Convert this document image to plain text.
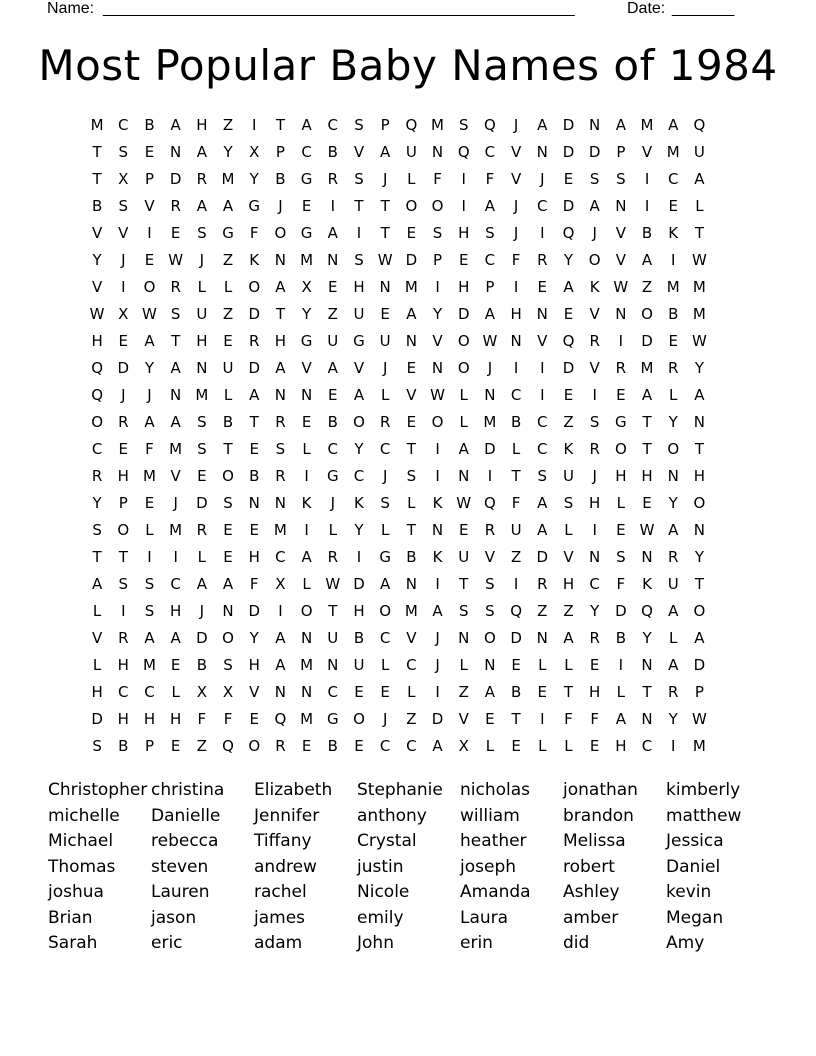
Name: _____________________________________________________	Date: _______
Most Popular Baby Names of 1984
M C	B	A	H	Z	I	T	A	C	S	P	Q M S	Q	J	A	D N	A M A	Q
T	S	E	N	A	Y	X	P	C	B	V	A	U	N Q	C	V	N D D	P	V M U
T	X	P	D	R M	Y	B	G	R	S	J	L	F	I	F	V	J	E	S	S	I	C	A
B	S	V	R	A	A	G	J	E	I	T	T	O O	I	A	J	C	D	A	N	I	E	L
V	V	I	E	S	G	F	O G	A	I	T	E	S	H	S	J	I	Q	J	V	B	K	T
Y	J	E W	J	Z	K	N M N	S W D	P	E	C	F	R	Y	O	V	A	I	W
V	I	O	R	L	L	O	A	X	E	H N M	I	H	P	I	E	A	K W Z M M
W X W S	U	Z	D	T	Y	Z	U	E	A	Y	D	A	H N	E	V	N O	B M
H	E	A	T	H	E	R	H G U G U	N	V	O W N	V	Q	R	I	D	E W
Q D	Y	A	N	U D	A	V	A	V	J	E	N O	J	I	I	D	V	R M R	Y
Q	J	J	N M	L	A	N N	E	A	L	V W L	N	C	I	E	I	E	A	L	A
O	R	A	A	S	B	T	R	E	B	O	R	E	O	L	M B	C	Z	S	G	T	Y	N
C	E	F	M S	T	E	S	L	C	Y	C	T	I	A	D	L	C	K	R	O	T	O	T
R	H M V	E	O	B	R	I	G	C	J	S	I	N	I	T	S	U	J	H H N H
Y	P	E	J	D	S	N N	K	J	K	S	L	K W Q	F	A	S	H	L	E	Y	O
S	O	L	M R	E	E M	I	L	Y	L	T	N	E	R	U	A	L	I	E W A	N
T	T	I	I	L	E	H	C	A	R	I	G	B	K	U	V	Z	D	V	N	S	N	R	Y
A	S	S	C	A	A	F	X	L W D	A	N	I	T	S	I	R	H	C	F	K	U	T
L	I	S	H	J	N D	I	O	T	H O M A	S	S	Q	Z	Z	Y	D Q	A	O
V	R	A	A	D O	Y	A	N	U	B	C	V	J	N O D N	A	R	B	Y	L	A
L	H M E	B	S	H	A M N	U	L	C	J	L	N	E	L	L	E	I	N	A	D
H	C	C	L	X	X	V	N N	C	E	E	L	I	Z	A	B	E	T	H	L	T	R	P
D H H H	F	F	E	Q M G O	J	Z	D	V	E	T	I	F	F	A	N	Y W
S	B	P	E	Z	Q O	R	E	B	E	C	C	A	X	L	E	L	L	E	H	C	I	M
Christopher christina	Elizabeth	Stephanie	nicholas	jonathan	kimberly
michelle	Danielle	Jennifer	anthony	william	brandon	matthew
Michael	rebecca	Tiffany	Crystal	heather	Melissa	Jessica
Thomas	steven	andrew	justin	joseph	robert	Daniel
joshua	Lauren	rachel	Nicole	Amanda	Ashley	kevin
Brian	jason	james	emily	Laura	amber	Megan
Sarah	eric	adam	John	erin	did	Amy
